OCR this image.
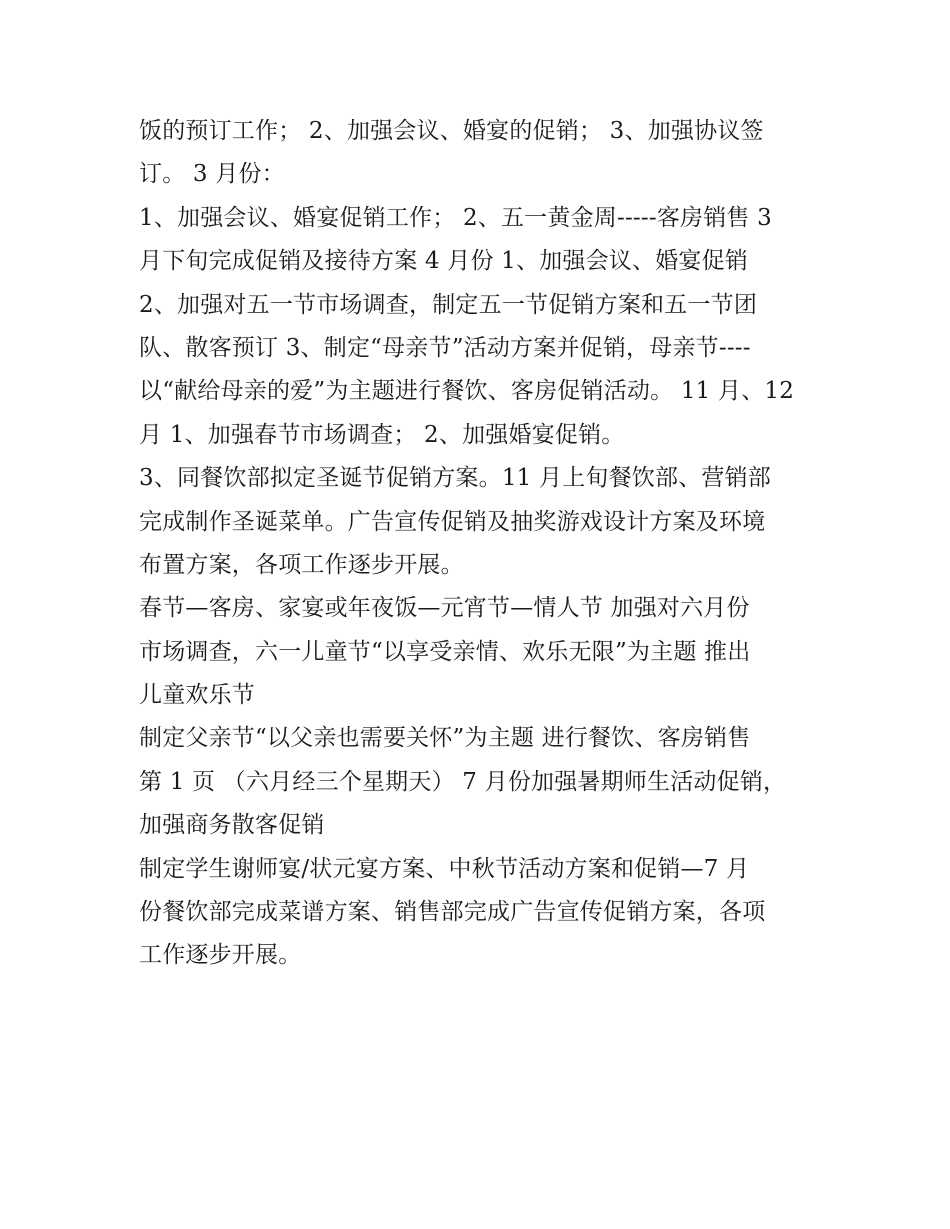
饭的预订工作； 2、加强会议、婚宴的促销； 3、加强协议签
订。 3 月份：
1、加强会议、婚宴促销工作； 2、五一黄金周-----客房销售 3
月下旬完成促销及接待方案 4 月份 1、加强会议、婚宴促销
2、加强对五一节市场调查，制定五一节促销方案和五一节团
队、散客预订 3、制定“母亲节”活动方案并促销，母亲节----
以“献给母亲的爱”为主题进行餐饮、客房促销活动。 11 月、12
月 1、加强春节市场调查； 2、加强婚宴促销。
3、同餐饮部拟定圣诞节促销方案。11 月上旬餐饮部、营销部
完成制作圣诞菜单。广告宣传促销及抽奖游戏设计方案及环境
布置方案，各项工作逐步开展。
春节—客房、家宴或年夜饭—元宵节—情人节 加强对六月份
市场调查，六一儿童节“以享受亲情、欢乐无限”为主题 推出
儿童欢乐节
制定父亲节“以父亲也需要关怀”为主题 进行餐饮、客房销售
第 1 页 （六月经三个星期天） 7 月份加强暑期师生活动促销，
加强商务散客促销
制定学生谢师宴/状元宴方案、中秋节活动方案和促销—7 月
份餐饮部完成菜谱方案、销售部完成广告宣传促销方案，各项
工作逐步开展。
